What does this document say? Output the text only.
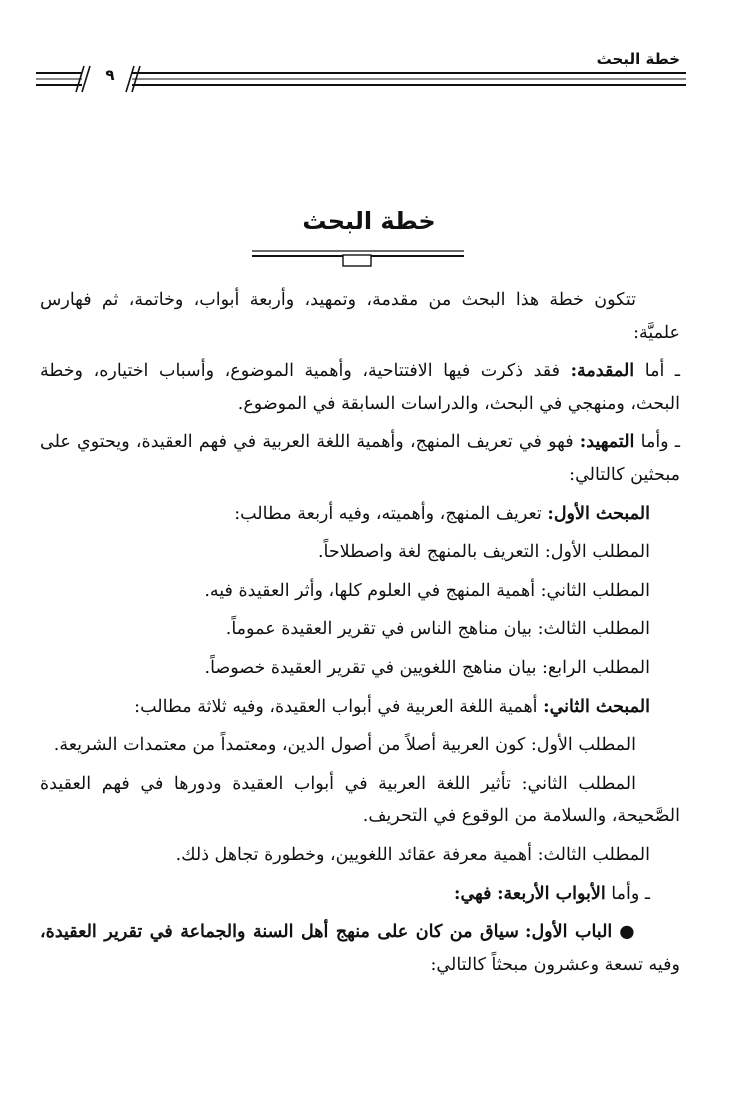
خطة البحث
٩
خطة البحث

تتكون خطة هذا البحث من مقدمة، وتمهيد، وأربعة أبواب، وخاتمة، ثم فهارس علميَّة:

ـ أما المقدمة: فقد ذكرت فيها الافتتاحية، وأهمية الموضوع، وأسباب اختياره، وخطة البحث، ومنهجي في البحث، والدراسات السابقة في الموضوع.

ـ وأما التمهيد: فهو في تعريف المنهج، وأهمية اللغة العربية في فهم العقيدة، ويحتوي على مبحثين كالتالي:

المبحث الأول: تعريف المنهج، وأهميته، وفيه أربعة مطالب:

المطلب الأول: التعريف بالمنهج لغة واصطلاحاً.

المطلب الثاني: أهمية المنهج في العلوم كلها، وأثر العقيدة فيه.

المطلب الثالث: بيان مناهج الناس في تقرير العقيدة عموماً.

المطلب الرابع: بيان مناهج اللغويين في تقرير العقيدة خصوصاً.

المبحث الثاني: أهمية اللغة العربية في أبواب العقيدة، وفيه ثلاثة مطالب:

المطلب الأول: كون العربية أصلاً من أصول الدين، ومعتمداً من معتمدات الشريعة.

المطلب الثاني: تأثير اللغة العربية في أبواب العقيدة ودورها في فهم العقيدة الصَّحيحة، والسلامة من الوقوع في التحريف.

المطلب الثالث: أهمية معرفة عقائد اللغويين، وخطورة تجاهل ذلك.

ـ وأما الأبواب الأربعة: فهي:

● الباب الأول: سياق من كان على منهج أهل السنة والجماعة في تقرير العقيدة، وفيه تسعة وعشرون مبحثاً كالتالي:
